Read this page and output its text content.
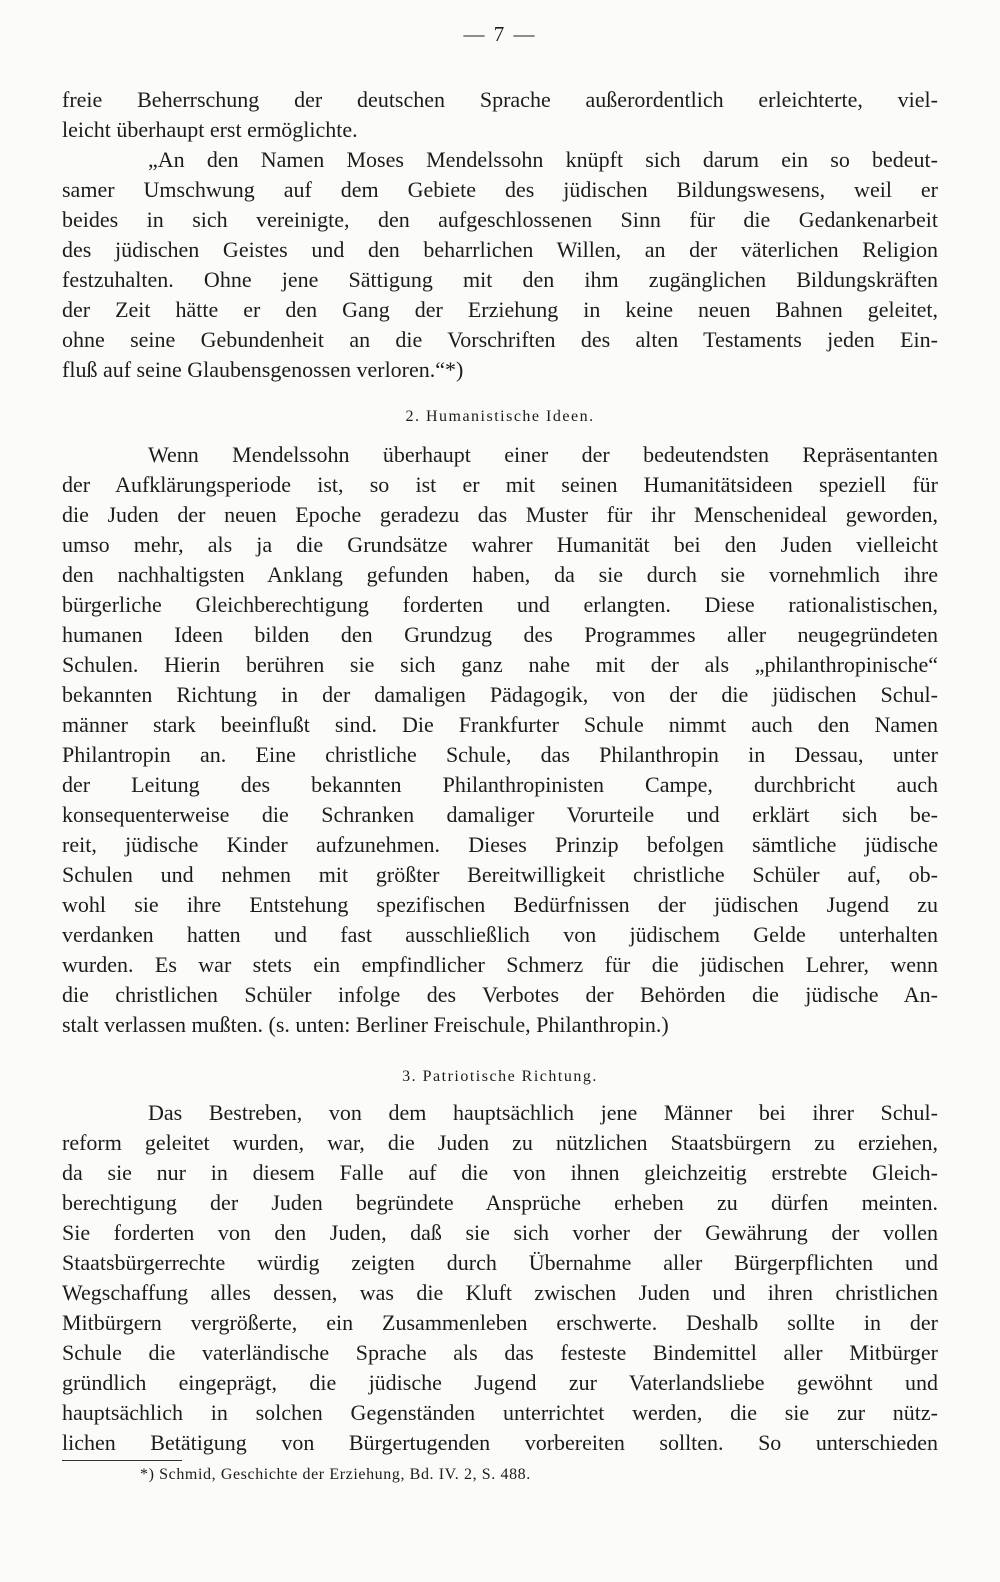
— 7 —

freie Beherrschung der deutschen Sprache außerordentlich erleichterte, viel-

leicht überhaupt erst ermöglichte.

„An den Namen Moses Mendelssohn knüpft sich darum ein so bedeut-

samer Umschwung auf dem Gebiete des jüdischen Bildungswesens, weil er

beides in sich vereinigte, den aufgeschlossenen Sinn für die Gedankenarbeit

des jüdischen Geistes und den beharrlichen Willen, an der väterlichen Religion

festzuhalten. Ohne jene Sättigung mit den ihm zugänglichen Bildungskräften

der Zeit hätte er den Gang der Erziehung in keine neuen Bahnen geleitet,

ohne seine Gebundenheit an die Vorschriften des alten Testaments jeden Ein-

fluß auf seine Glaubensgenossen verloren.“*)

2. Humanistische Ideen.

Wenn Mendelssohn überhaupt einer der bedeutendsten Repräsentanten

der Aufklärungsperiode ist, so ist er mit seinen Humanitätsideen speziell für

die Juden der neuen Epoche geradezu das Muster für ihr Menschenideal geworden,

umso mehr, als ja die Grundsätze wahrer Humanität bei den Juden vielleicht

den nachhaltigsten Anklang gefunden haben, da sie durch sie vornehmlich ihre

bürgerliche Gleichberechtigung forderten und erlangten. Diese rationalistischen,

humanen Ideen bilden den Grundzug des Programmes aller neugegründeten

Schulen. Hierin berühren sie sich ganz nahe mit der als „philanthropinische“

bekannten Richtung in der damaligen Pädagogik, von der die jüdischen Schul-

männer stark beeinflußt sind. Die Frankfurter Schule nimmt auch den Namen

Philantropin an. Eine christliche Schule, das Philanthropin in Dessau, unter

der Leitung des bekannten Philanthropinisten Campe, durchbricht auch

konsequenterweise die Schranken damaliger Vorurteile und erklärt sich be-

reit, jüdische Kinder aufzunehmen. Dieses Prinzip befolgen sämtliche jüdische

Schulen und nehmen mit größter Bereitwilligkeit christliche Schüler auf, ob-

wohl sie ihre Entstehung spezifischen Bedürfnissen der jüdischen Jugend zu

verdanken hatten und fast ausschließlich von jüdischem Gelde unterhalten

wurden. Es war stets ein empfindlicher Schmerz für die jüdischen Lehrer, wenn

die christlichen Schüler infolge des Verbotes der Behörden die jüdische An-

stalt verlassen mußten. (s. unten: Berliner Freischule, Philanthropin.)

3. Patriotische Richtung.

Das Bestreben, von dem hauptsächlich jene Männer bei ihrer Schul-

reform geleitet wurden, war, die Juden zu nützlichen Staatsbürgern zu erziehen,

da sie nur in diesem Falle auf die von ihnen gleichzeitig erstrebte Gleich-

berechtigung der Juden begründete Ansprüche erheben zu dürfen meinten.

Sie forderten von den Juden, daß sie sich vorher der Gewährung der vollen

Staatsbürgerrechte würdig zeigten durch Übernahme aller Bürgerpflichten und

Wegschaffung alles dessen, was die Kluft zwischen Juden und ihren christlichen

Mitbürgern vergrößerte, ein Zusammenleben erschwerte. Deshalb sollte in der

Schule die vaterländische Sprache als das festeste Bindemittel aller Mitbürger

gründlich eingeprägt, die jüdische Jugend zur Vaterlandsliebe gewöhnt und

hauptsächlich in solchen Gegenständen unterrichtet werden, die sie zur nütz-

lichen Betätigung von Bürgertugenden vorbereiten sollten. So unterschieden

*) Schmid, Geschichte der Erziehung, Bd. IV. 2, S. 488.
